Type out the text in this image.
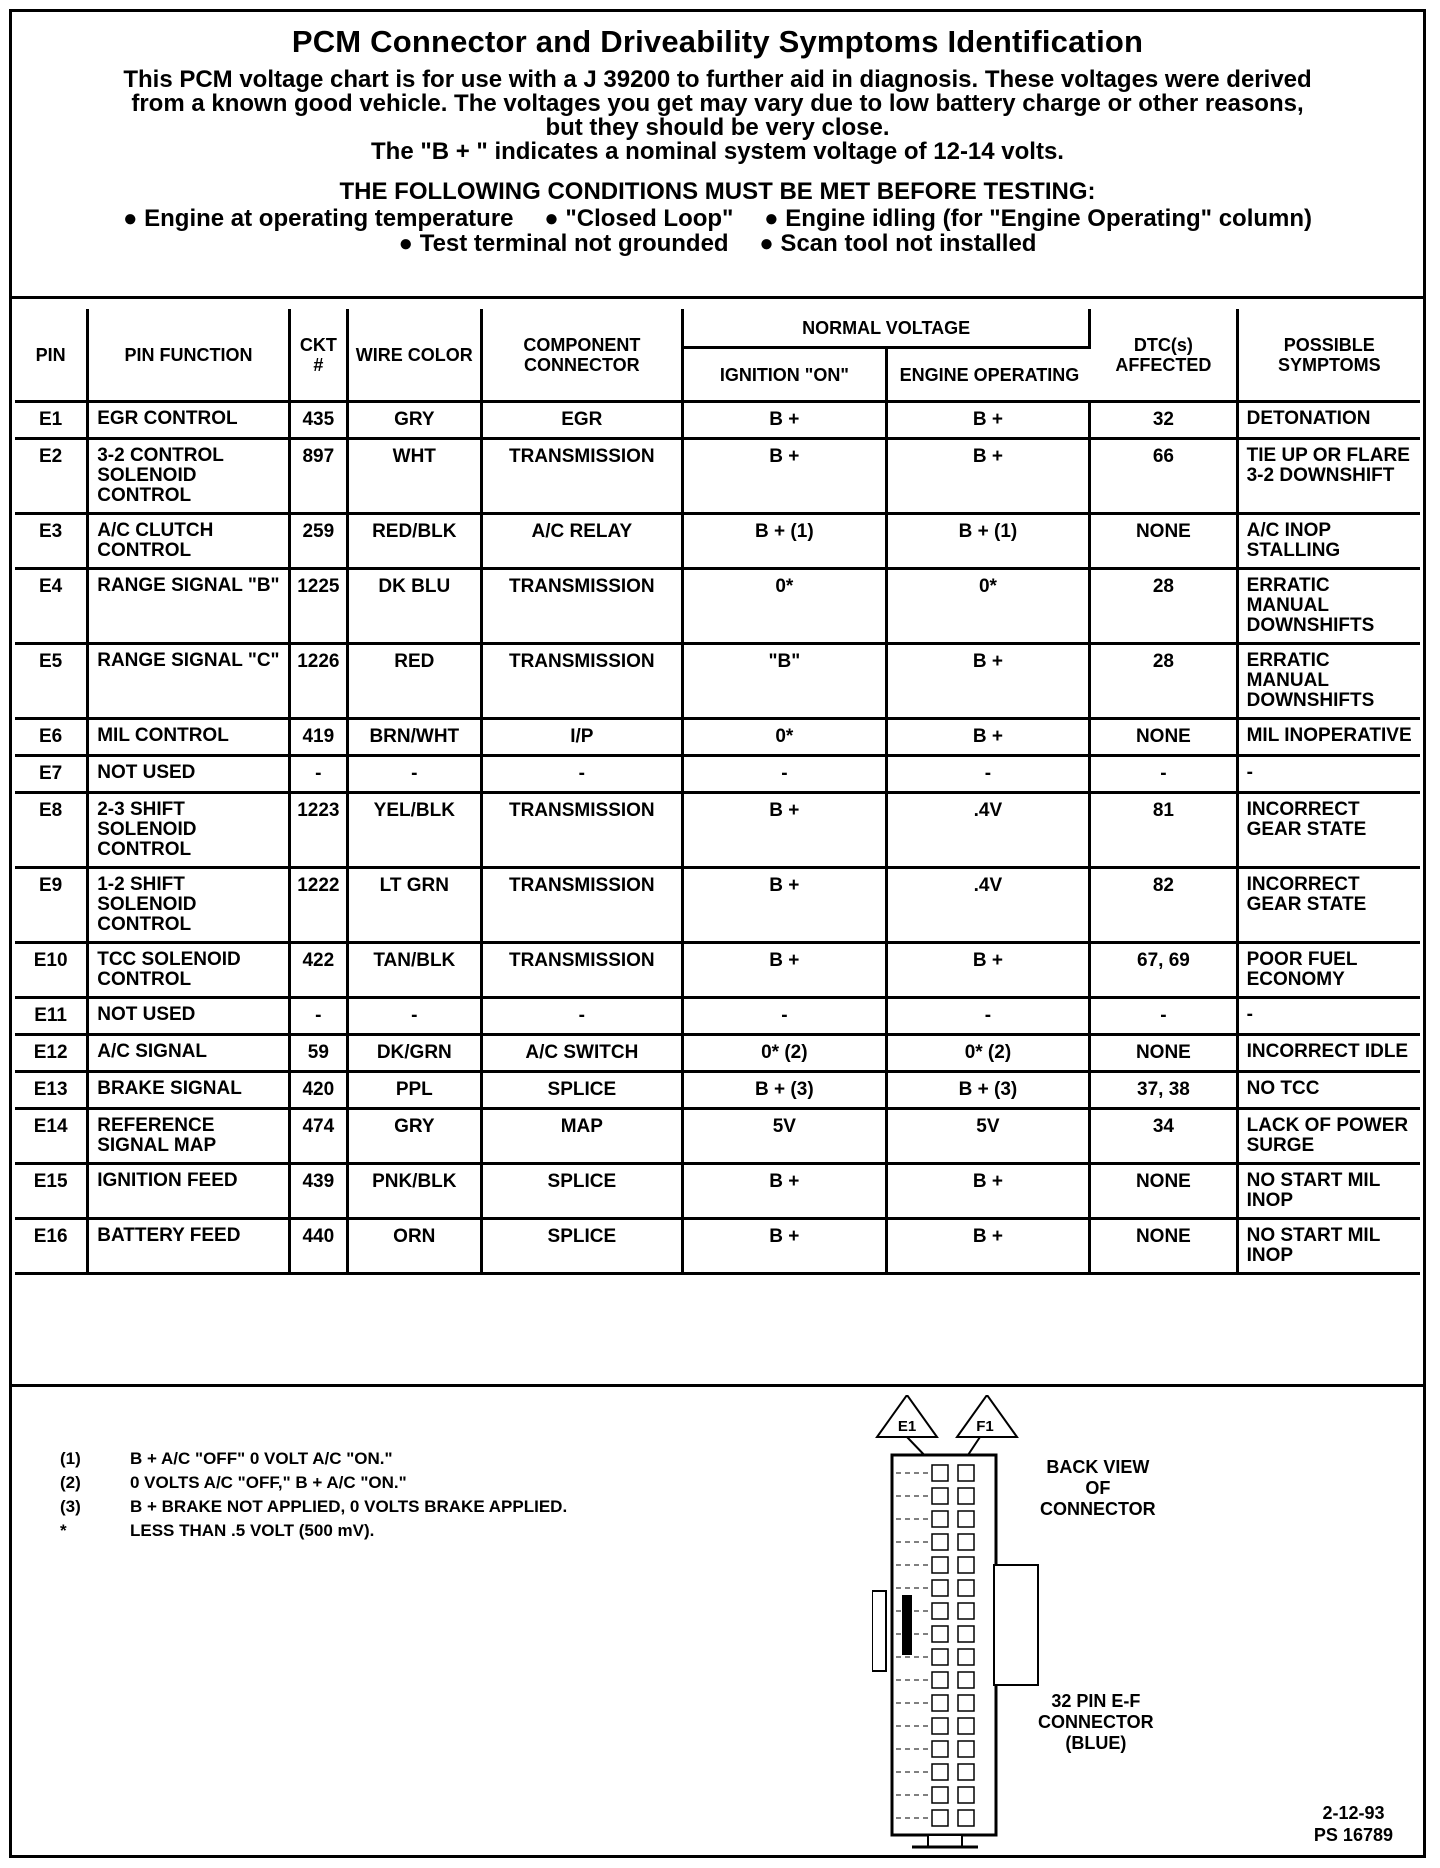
PCM Connector and Driveability Symptoms Identification
This PCM voltage chart is for use with a J 39200 to further aid in diagnosis. These voltages were derived
from a known good vehicle. The voltages you get may vary due to low battery charge or other reasons,
but they should be very close.
The "B + " indicates a nominal system voltage of 12-14 volts.
THE FOLLOWING CONDITIONS MUST BE MET BEFORE TESTING:
● Engine at operating temperature ● "Closed Loop" ● Engine idling (for "Engine Operating" column)
● Test terminal not grounded ● Scan tool not installed
PIN	PIN FUNCTION	CKT #	WIRE COLOR	COMPONENT CONNECTOR	NORMAL VOLTAGE		DTC(s) AFFECTED	POSSIBLE SYMPTOMS
					IGNITION "ON"	ENGINE OPERATING		
E1	EGR CONTROL	435	GRY	EGR	B +	B +	32	DETONATION
E2	3-2 CONTROL SOLENOID CONTROL	897	WHT	TRANSMISSION	B +	B +	66	TIE UP OR FLARE 3-2 DOWNSHIFT
E3	A/C CLUTCH CONTROL	259	RED/BLK	A/C RELAY	B + (1)	B + (1)	NONE	A/C INOP STALLING
E4	RANGE SIGNAL "B"	1225	DK BLU	TRANSMISSION	0*	0*	28	ERRATIC MANUAL DOWNSHIFTS
E5	RANGE SIGNAL "C"	1226	RED	TRANSMISSION	"B"	B +	28	ERRATIC MANUAL DOWNSHIFTS
E6	MIL CONTROL	419	BRN/WHT	I/P	0*	B +	NONE	MIL INOPERATIVE
E7	NOT USED	-	-	-	-	-	-	-
E8	2-3 SHIFT SOLENOID CONTROL	1223	YEL/BLK	TRANSMISSION	B +	.4V	81	INCORRECT GEAR STATE
E9	1-2 SHIFT SOLENOID CONTROL	1222	LT GRN	TRANSMISSION	B +	.4V	82	INCORRECT GEAR STATE
E10	TCC SOLENOID CONTROL	422	TAN/BLK	TRANSMISSION	B +	B +	67, 69	POOR FUEL ECONOMY
E11	NOT USED	-	-	-	-	-	-	-
E12	A/C SIGNAL	59	DK/GRN	A/C SWITCH	0* (2)	0* (2)	NONE	INCORRECT IDLE
E13	BRAKE SIGNAL	420	PPL	SPLICE	B + (3)	B + (3)	37, 38	NO TCC
E14	REFERENCE SIGNAL MAP	474	GRY	MAP	5V	5V	34	LACK OF POWER SURGE
E15	IGNITION FEED	439	PNK/BLK	SPLICE	B +	B +	NONE	NO START MIL INOP
E16	BATTERY FEED	440	ORN	SPLICE	B +	B +	NONE	NO START MIL INOP
(1)	B + A/C "OFF" 0 VOLT A/C "ON."
(2)	0 VOLTS A/C "OFF," B + A/C "ON."
(3)	B + BRAKE NOT APPLIED, 0 VOLTS BRAKE APPLIED.
*	LESS THAN .5 VOLT (500 mV).
E1	F1
BACK VIEW
OF
CONNECTOR
32 PIN E-F
CONNECTOR
(BLUE)
2-12-93
PS 16789
